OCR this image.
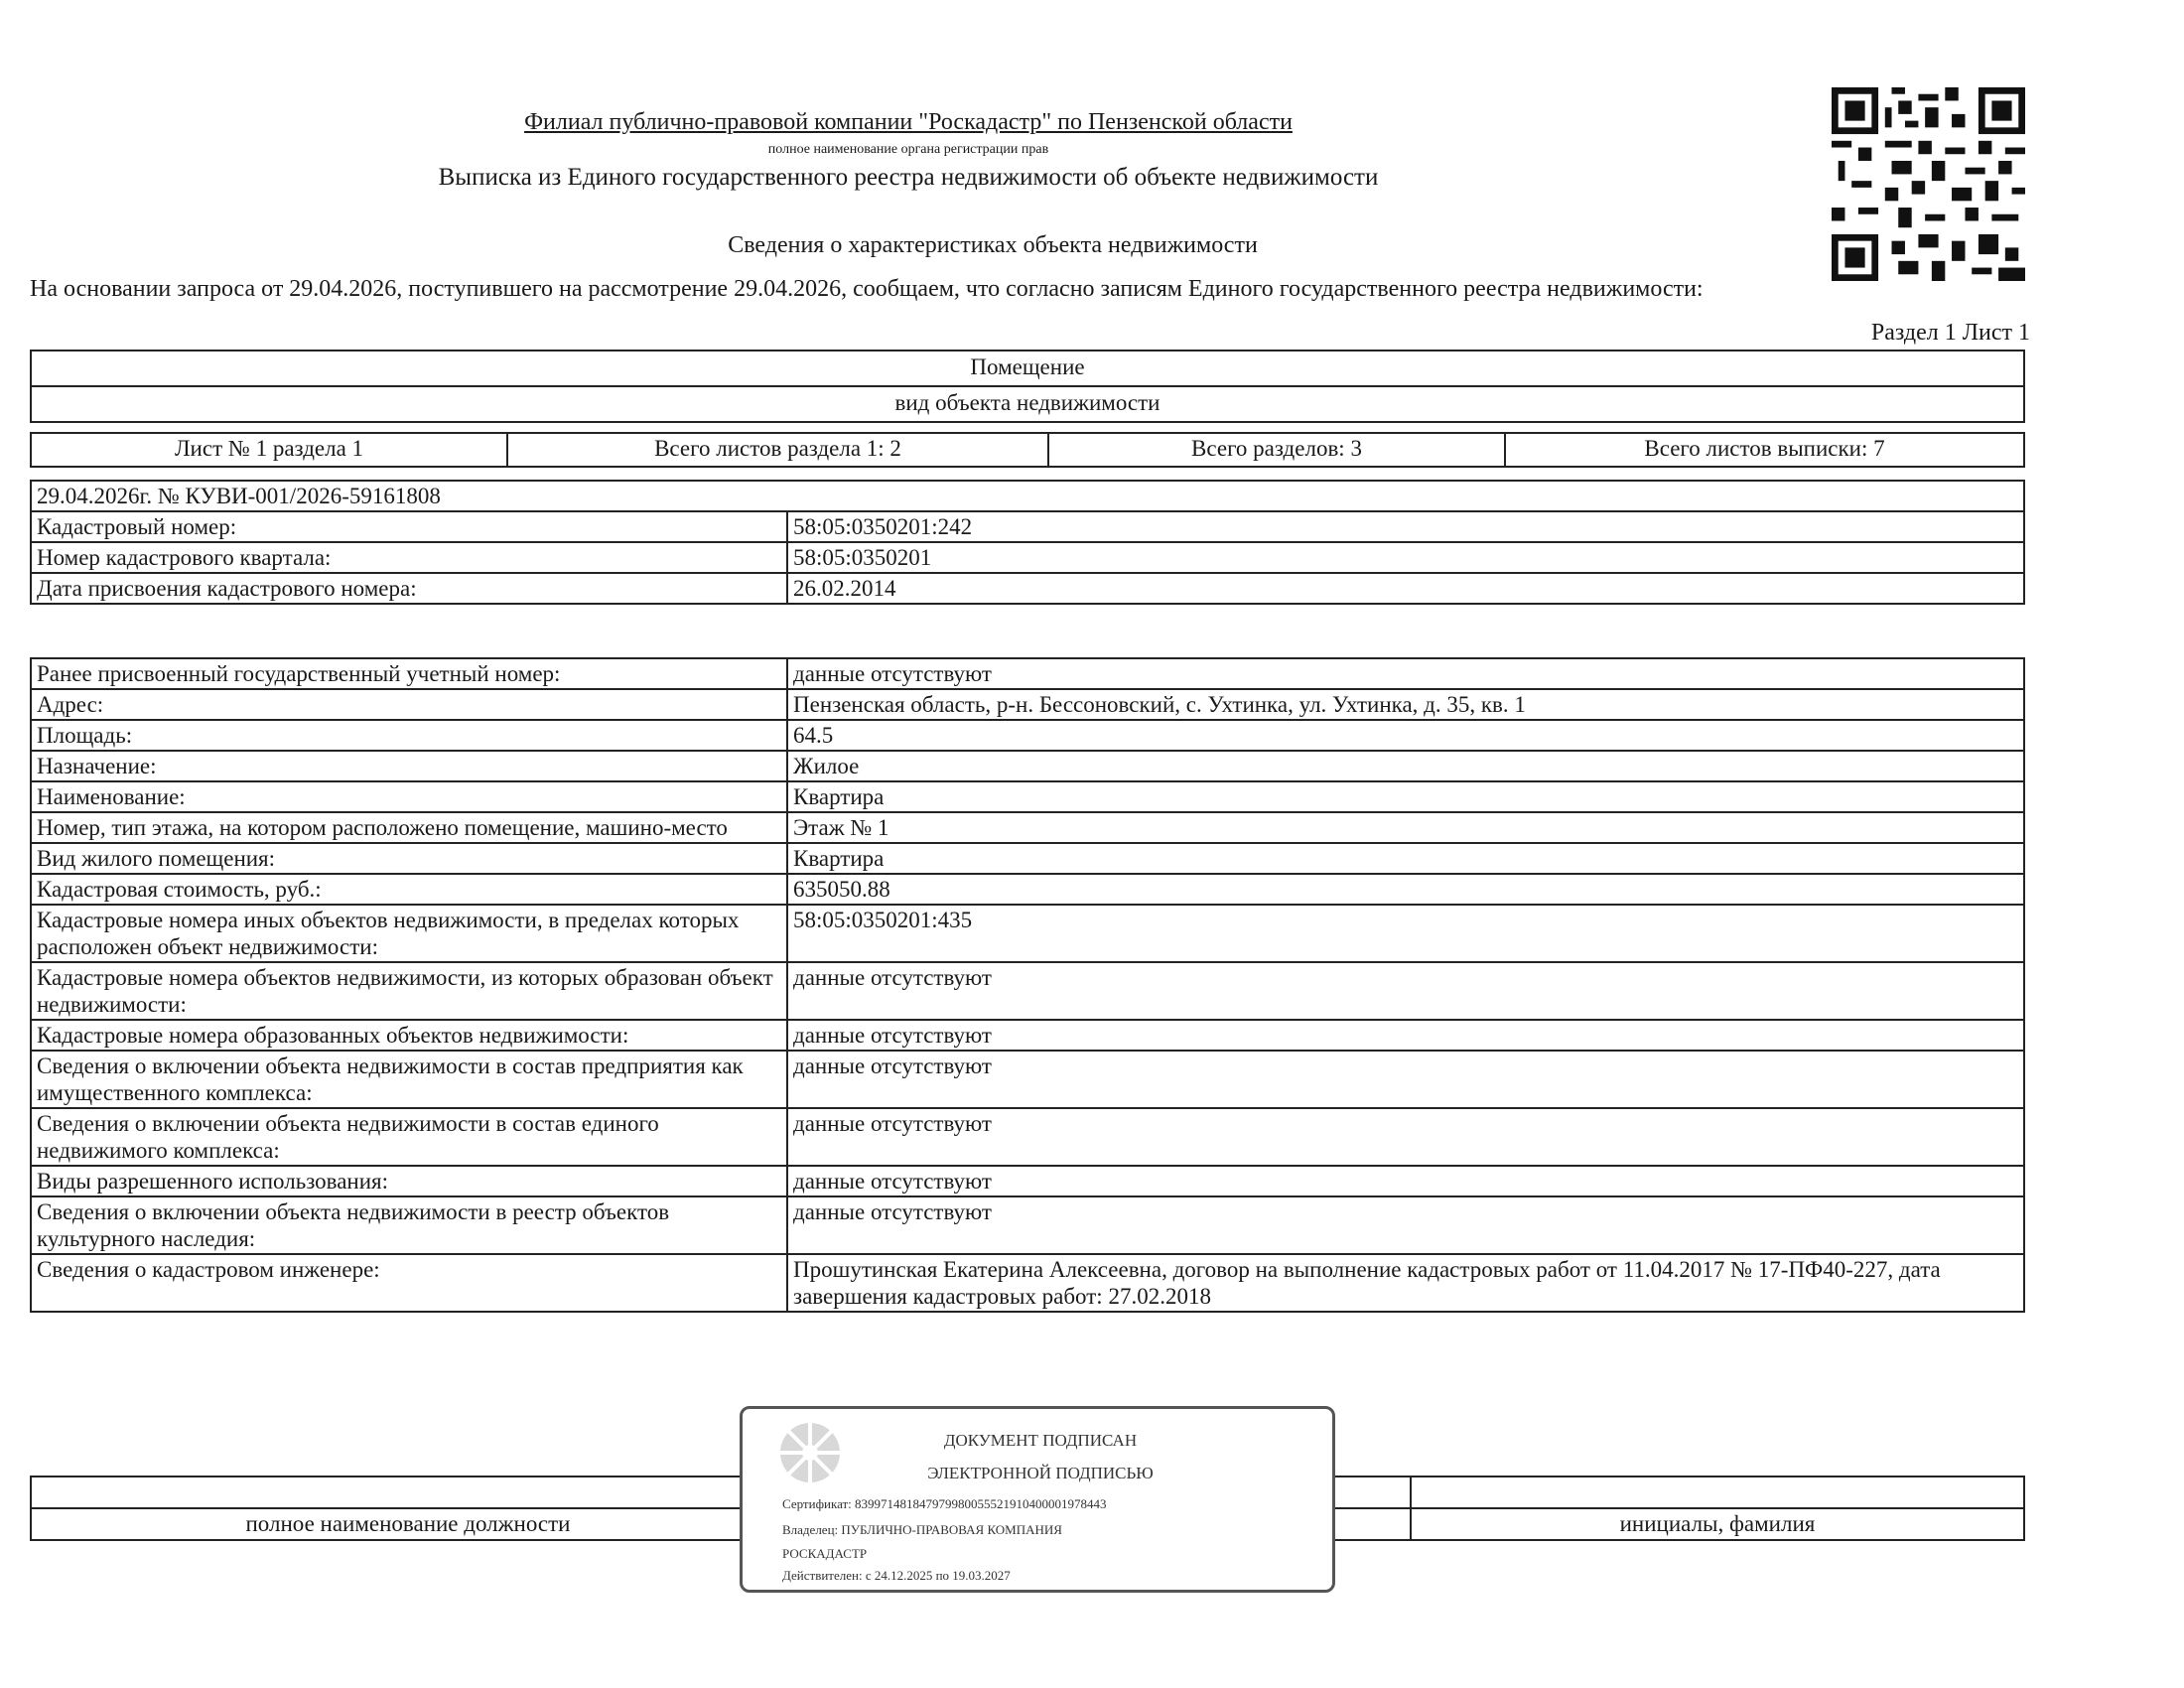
Филиал публично-правовой компании "Роскадастр" по Пензенской области
полное наименование органа регистрации прав
Выписка из Единого государственного реестра недвижимости об объекте недвижимости
Сведения о характеристиках объекта недвижимости
На основании запроса от 29.04.2026, поступившего на рассмотрение 29.04.2026, сообщаем, что согласно записям Единого государственного реестра недвижимости:
Раздел 1 Лист 1
Помещение
вид объекта недвижимости
Лист № 1 раздела 1	Всего листов раздела 1: 2	Всего разделов: 3	Всего листов выписки: 7
29.04.2026г. № КУВИ-001/2026-59161808	
Кадастровый номер:	58:05:0350201:242
Номер кадастрового квартала:	58:05:0350201
Дата присвоения кадастрового номера:	26.02.2014
Ранее присвоенный государственный учетный номер:	данные отсутствуют
Адрес:	Пензенская область, р-н. Бессоновский, с. Ухтинка, ул. Ухтинка, д. 35, кв. 1
Площадь:	64.5
Назначение:	Жилое
Наименование:	Квартира
Номер, тип этажа, на котором расположено помещение, машино-место	Этаж № 1
Вид жилого помещения:	Квартира
Кадастровая стоимость, руб.:	635050.88
Кадастровые номера иных объектов недвижимости, в пределах которых расположен объект недвижимости:	58:05:0350201:435
Кадастровые номера объектов недвижимости, из которых образован объект недвижимости:	данные отсутствуют
Кадастровые номера образованных объектов недвижимости:	данные отсутствуют
Сведения о включении объекта недвижимости в состав предприятия как имущественного комплекса:	данные отсутствуют
Сведения о включении объекта недвижимости в состав единого недвижимого комплекса:	данные отсутствуют
Виды разрешенного использования:	данные отсутствуют
Сведения о включении объекта недвижимости в реестр объектов культурного наследия:	данные отсутствуют
Сведения о кадастровом инженере:	Прошутинская Екатерина Алексеевна, договор на выполнение кадастровых работ от 11.04.2017 № 17-ПФ40-227, дата завершения кадастровых работ: 27.02.2018

полное наименование должности		инициалы, фамилия
ДОКУМЕНТ ПОДПИСАН
ЭЛЕКТРОННОЙ ПОДПИСЬЮ
Сертификат: 839971481847979980055521910400001978443
Владелец: ПУБЛИЧНО-ПРАВОВАЯ КОМПАНИЯ
РОСКАДАСТР
Действителен: с 24.12.2025 по 19.03.2027
